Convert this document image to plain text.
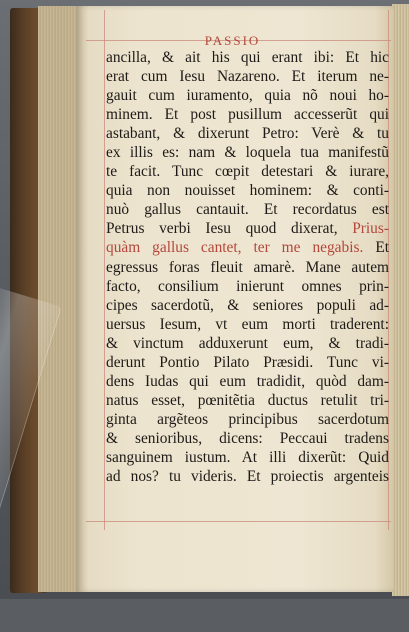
PASSIO
ancilla, & ait his qui erant ibi: Et hic
erat cum Iesu Nazareno. Et iterum ne-
gauit cum iuramento, quia nõ noui ho-
minem. Et post pusillum accesserũt qui
astabant, & dixerunt Petro: Verè & tu
ex illis es: nam & loquela tua manifestũ
te facit. Tunc cœpit detestari & iurare,
quia non nouisset hominem: & conti-
nuò gallus cantauit. Et recordatus est
Petrus verbi Iesu quod dixerat, Prius-
quàm gallus cantet, ter me negabis. Et
egressus foras fleuit amarè. Mane autem
facto, consilium inierunt omnes prin-
cipes sacerdotũ, & seniores populi ad-
uersus Iesum, vt eum morti traderent:
& vinctum adduxerunt eum, & tradi-
derunt Pontio Pilato Præsidi. Tunc vi-
dens Iudas qui eum tradidit, quòd dam-
natus esset, pœnitẽtia ductus retulit tri-
ginta argẽteos principibus sacerdotum
& senioribus, dicens: Peccaui tradens
sanguinem iustum. At illi dixerũt: Quid
ad nos? tu videris. Et proiectis argenteis
